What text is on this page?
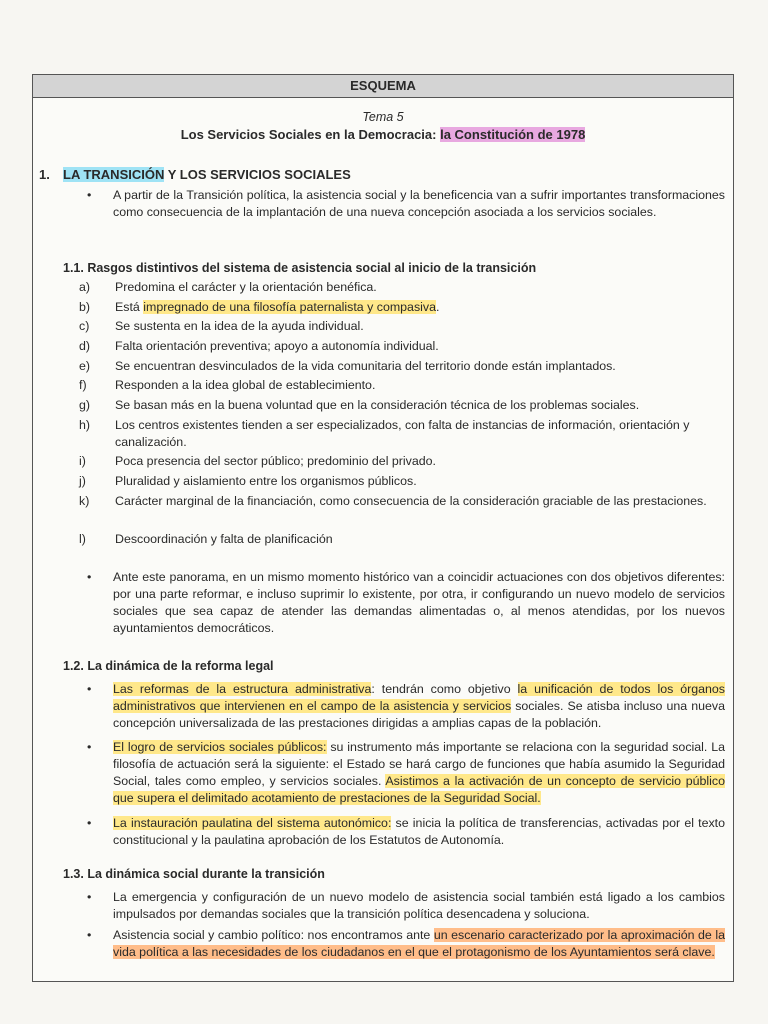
ESQUEMA
Tema 5
Los Servicios Sociales en la Democracia: la Constitución de 1978
1. LA TRANSICIÓN Y LOS SERVICIOS SOCIALES
• A partir de la Transición política, la asistencia social y la beneficencia van a sufrir importantes transformaciones como consecuencia de la implantación de una nueva concepción asociada a los servicios sociales.
1.1. Rasgos distintivos del sistema de asistencia social al inicio de la transición
a) Predomina el carácter y la orientación benéfica.
b) Está impregnado de una filosofía paternalista y compasiva.
c) Se sustenta en la idea de la ayuda individual.
d) Falta orientación preventiva; apoyo a autonomía individual.
e) Se encuentran desvinculados de la vida comunitaria del territorio donde están implantados.
f) Responden a la idea global de establecimiento.
g) Se basan más en la buena voluntad que en la consideración técnica de los problemas sociales.
h) Los centros existentes tienden a ser especializados, con falta de instancias de información, orientación y canalización.
i) Poca presencia del sector público; predominio del privado.
j) Pluralidad y aislamiento entre los organismos públicos.
k) Carácter marginal de la financiación, como consecuencia de la consideración graciable de las prestaciones.
l) Descoordinación y falta de planificación
• Ante este panorama, en un mismo momento histórico van a coincidir actuaciones con dos objetivos diferentes: por una parte reformar, e incluso suprimir lo existente, por otra, ir configurando un nuevo modelo de servicios sociales que sea capaz de atender las demandas alimentadas o, al menos atendidas, por los nuevos ayuntamientos democráticos.
1.2. La dinámica de la reforma legal
• Las reformas de la estructura administrativa: tendrán como objetivo la unificación de todos los órganos administrativos que intervienen en el campo de la asistencia y servicios sociales. Se atisba incluso una nueva concepción universalizada de las prestaciones dirigidas a amplias capas de la población.
• El logro de servicios sociales públicos: su instrumento más importante se relaciona con la seguridad social. La filosofía de actuación será la siguiente: el Estado se hará cargo de funciones que había asumido la Seguridad Social, tales como empleo, y servicios sociales. Asistimos a la activación de un concepto de servicio público que supera el delimitado acotamiento de prestaciones de la Seguridad Social.
• La instauración paulatina del sistema autonómico: se inicia la política de transferencias, activadas por el texto constitucional y la paulatina aprobación de los Estatutos de Autonomía.
1.3. La dinámica social durante la transición
• La emergencia y configuración de un nuevo modelo de asistencia social también está ligado a los cambios impulsados por demandas sociales que la transición política desencadena y soluciona.
• Asistencia social y cambio político: nos encontramos ante un escenario caracterizado por la aproximación de la vida política a las necesidades de los ciudadanos en el que el protagonismo de los Ayuntamientos será clave.
